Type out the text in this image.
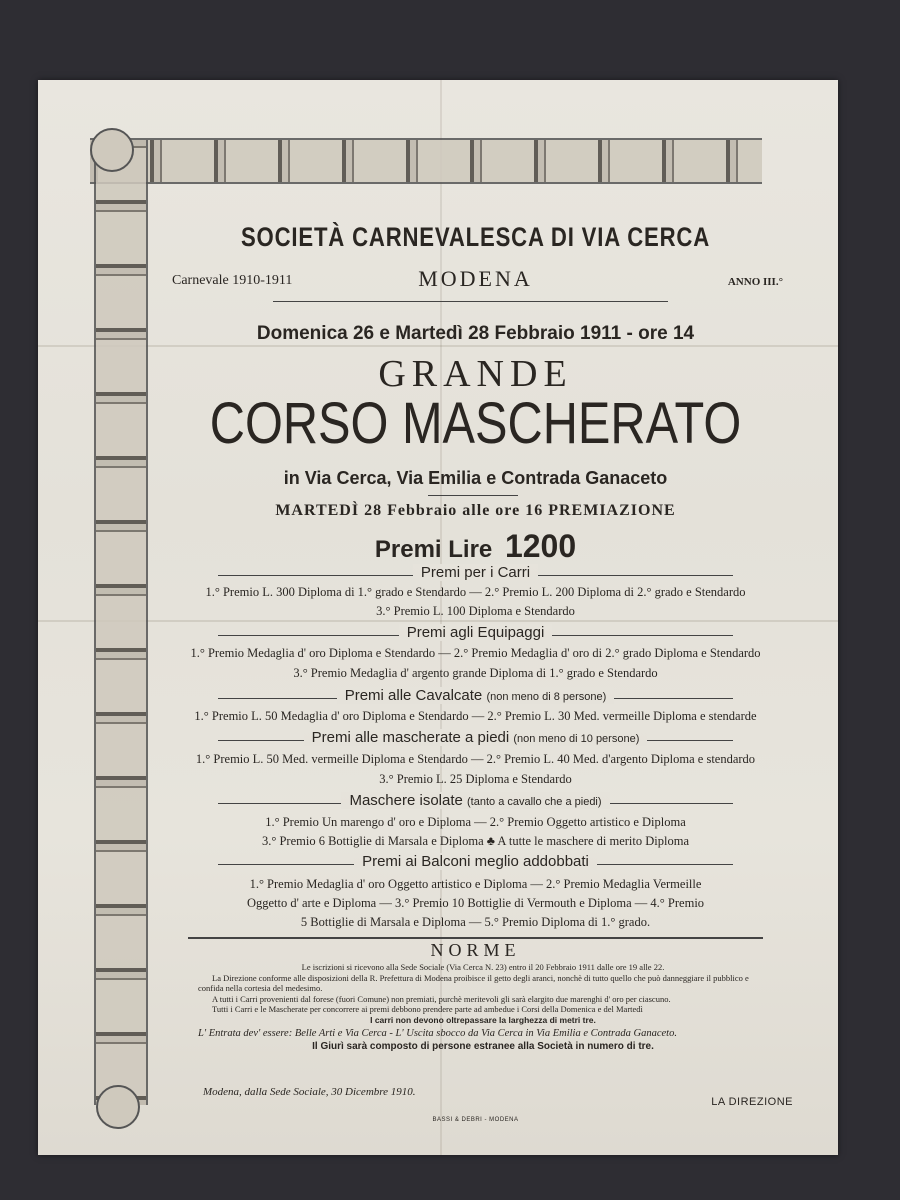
SOCIETÀ CARNEVALESCA DI VIA CERCA
Carnevale 1910-1911	MODENA	ANNO III.°
Domenica 26 e Martedì 28 Febbraio 1911 - ore 14
GRANDE
CORSO MASCHERATO
in Via Cerca, Via Emilia e Contrada Ganaceto
MARTEDÌ 28 Febbraio alle ore 16 PREMIAZIONE
Premi Lire 1200
Premi per i Carri
1.° Premio L. 300 Diploma di 1.° grado e Stendardo — 2.° Premio L. 200 Diploma di 2.° grado e Stendardo
3.° Premio L. 100 Diploma e Stendardo
Premi agli Equipaggi
1.° Premio Medaglia d' oro Diploma e Stendardo — 2.° Premio Medaglia d' oro di 2.° grado Diploma e Stendardo
3.° Premio Medaglia d' argento grande Diploma di 1.° grado e Stendardo
Premi alle Cavalcate (non meno di 8 persone)
1.° Premio L. 50 Medaglia d' oro Diploma e Stendardo — 2.° Premio L. 30 Med. vermeille Diploma e stendarde
Premi alle mascherate a piedi (non meno di 10 persone)
1.° Premio L. 50 Med. vermeille Diploma e Stendardo — 2.° Premio L. 40 Med. d'argento Diploma e stendardo
3.° Premio L. 25 Diploma e Stendardo
Maschere isolate (tanto a cavallo che a piedi)
1.° Premio Un marengo d' oro e Diploma — 2.° Premio Oggetto artistico e Diploma
3.° Premio 6 Bottiglie di Marsala e Diploma ♣ A tutte le maschere di merito Diploma
Premi ai Balconi meglio addobbati
1.° Premio Medaglia d' oro Oggetto artistico e Diploma — 2.° Premio Medaglia Vermeille
Oggetto d' arte e Diploma — 3.° Premio 10 Bottiglie di Vermouth e Diploma — 4.° Premio
5 Bottiglie di Marsala e Diploma — 5.° Premio Diploma di 1.° grado.
NORME

Le iscrizioni si ricevono alla Sede Sociale (Via Cerca N. 23) entro il 20 Febbraio 1911 dalle ore 19 alle 22.

La Direzione conforme alle disposizioni della R. Prefettura di Modena proibisce il getto degli aranci, nonchè di tutto quello che può danneggiare il pubblico e confida nella cortesia del medesimo.

A tutti i Carri provenienti dal forese (fuori Comune) non premiati, purchè meritevoli gli sarà elargito due marenghi d' oro per ciascuno.

Tutti i Carri e le Mascherate per concorrere ai premi debbono prendere parte ad ambedue i Corsi della Domenica e del Martedì

I carri non devono oltrepassare la larghezza di metri tre.

L' Entrata dev' essere: Belle Arti e Via Cerca - L' Uscita sbocco da Via Cerca in Via Emilia e Contrada Ganaceto.

Il Giurì sarà composto di persone estranee alla Società in numero di tre.

Modena, dalla Sede Sociale, 30 Dicembre 1910.
LA DIREZIONE
BASSI & DEBRI - MODENA
